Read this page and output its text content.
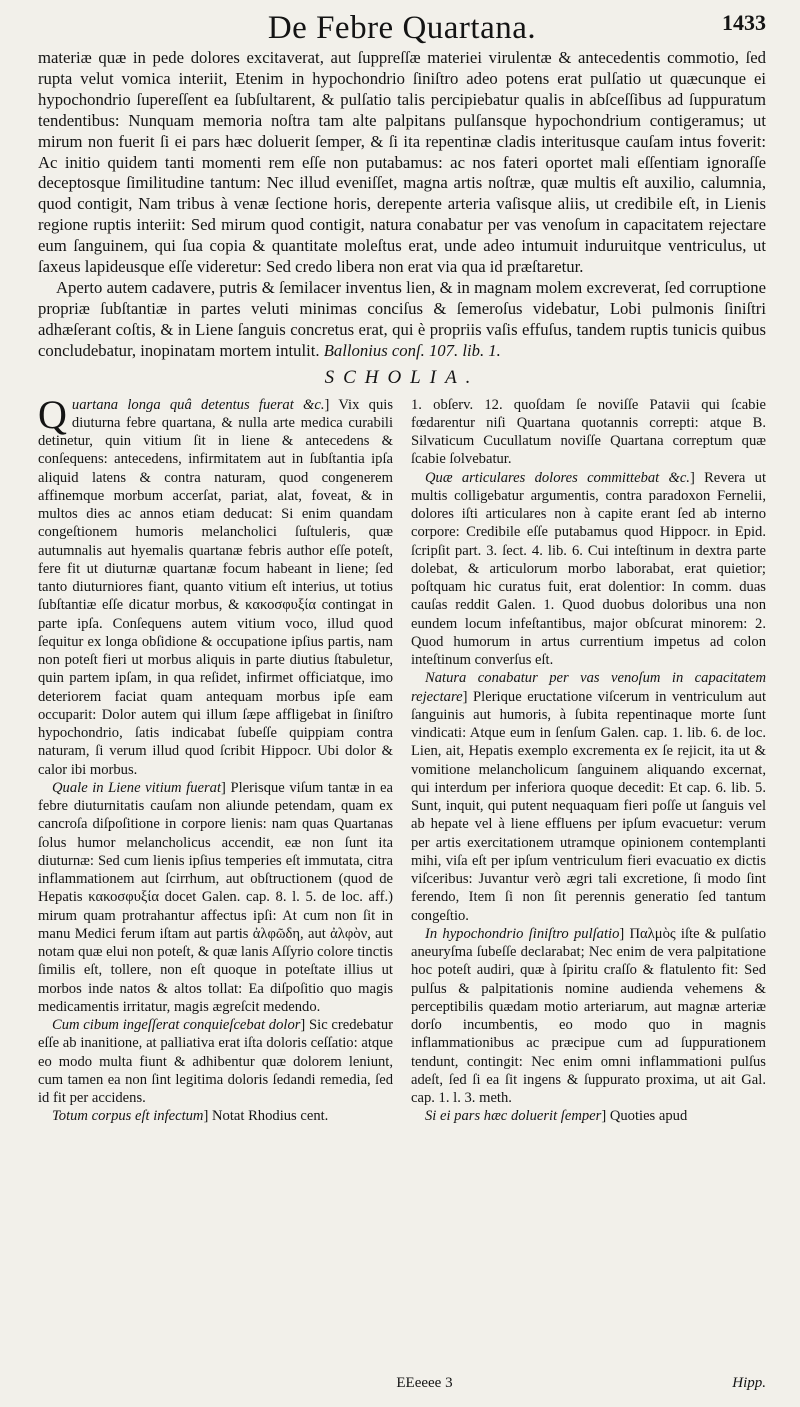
De Febre Quartana.	1433

materiæ quæ in pede dolores excitaverat, aut ſuppreſſæ materiei virulentæ & antecedentis commotio, ſed rupta velut vomica interiit, Etenim in hypochondrio ſiniſtro adeo potens erat pulſatio ut quæcunque ei hypochondrio ſupereſſent ea ſubſultarent, & pulſatio talis percipiebatur qualis in abſceſſibus ad ſuppuratum tendentibus: Nunquam memoria noſtra tam alte palpitans pulſansque hypochondrium contigeramus; ut mirum non fuerit ſi ei pars hæc doluerit ſemper, & ſi ita repentinæ cladis interitusque cauſam intus foverit: Ac initio quidem tanti momenti rem eſſe non putabamus: ac nos fateri oportet mali eſſentiam ignoraſſe deceptosque ſimilitudine tantum: Nec illud eveniſſet, magna artis noſtræ, quæ multis eſt auxilio, calumnia, quod contigit, Nam tribus à venæ ſectione horis, derepente arteria vaſisque aliis, ut credibile eſt, in Lienis regione ruptis interiit: Sed mirum quod contigit, natura conabatur per vas venoſum in capacitatem rejectare eum ſanguinem, qui ſua copia & quantitate moleſtus erat, unde adeo intumuit induruitque ventriculus, ut ſaxeus lapideusque eſſe videretur: Sed credo libera non erat via qua id præſtaretur.

Aperto autem cadavere, putris & ſemilacer inventus lien, & in magnam molem excreverat, ſed corruptione propriæ ſubſtantiæ in partes veluti minimas conciſus & ſemeroſus videbatur, Lobi pulmonis ſiniſtri adhæſerant coſtis, & in Liene ſanguis concretus erat, qui è propriis vaſis effuſus, tandem ruptis tunicis quibus concludebatur, inopinatam mortem intulit. Ballonius conſ. 107. lib. 1.

SCHOLIA.

Quartana longa quâ detentus fuerat &c.] Vix quis diuturna febre quartana, & nulla arte medica curabili detinetur, quin vitium ſit in liene & antecedens & conſequens: antecedens, infirmitatem aut in ſubſtantia ipſa aliquid latens & contra naturam, quod congenerem affinemque morbum accerſat, pariat, alat, foveat, & in multos dies ac annos etiam deducat: Si enim quandam congeſtionem humoris melancholici ſuſtuleris, quæ autumnalis aut hyemalis quartanæ febris author eſſe poteſt, fere fit ut diuturnæ quartanæ focum habeant in liene; ſed tanto diuturniores fiant, quanto vitium eſt interius, ut totius ſubſtantiæ eſſe dicatur morbus, & κακοσφυξία contingat in parte ipſa. Conſequens autem vitium voco, illud quod ſequitur ex longa obſidione & occupatione ipſius partis, nam non poteſt fieri ut morbus aliquis in parte diutius ſtabuletur, quin partem ipſam, in qua reſidet, infirmet officiatque, imo deteriorem faciat quam antequam morbus ipſe eam occuparit: Dolor autem qui illum ſæpe affligebat in ſiniſtro hypochondrio, ſatis indicabat ſubeſſe quippiam contra naturam, ſi verum illud quod ſcribit Hippocr. Ubi dolor & calor ibi morbus.

Quale in Liene vitium fuerat] Plerisque viſum tantæ in ea febre diuturnitatis cauſam non aliunde petendam, quam ex cancroſa diſpoſitione in corpore lienis: nam quas Quartanas ſolus humor melancholicus accendit, eæ non ſunt ita diuturnæ: Sed cum lienis ipſius temperies eſt immutata, citra inflammationem aut ſcirrhum, aut obſtructionem (quod de Hepatis κακοσφυξία docet Galen. cap. 8. l. 5. de loc. aff.) mirum quam protrahantur affectus ipſi: At cum non ſit in manu Medici ferum iſtam aut partis ἀλφῶδη, aut ἀλφὸν, aut notam quæ elui non poteſt, & quæ lanis Aſſyrio colore tinctis ſimilis eſt, tollere, non eſt quoque in poteſtate illius ut morbos inde natos & altos tollat: Ea diſpoſitio quo magis medicamentis irritatur, magis ægreſcit medendo.

Cum cibum ingeſſerat conquieſcebat dolor] Sic credebatur eſſe ab inanitione, at palliativa erat iſta doloris ceſſatio: atque eo modo multa fiunt & adhibentur quæ dolorem leniunt, cum tamen ea non ſint legitima doloris ſedandi remedia, ſed id fit per accidens.

Totum corpus eſt infectum] Notat Rhodius cent.

1. obſerv. 12. quoſdam ſe noviſſe Patavii qui ſcabie fœdarentur niſi Quartana quotannis correpti: atque B. Silvaticum Cucullatum noviſſe Quartana correptum quæ ſcabie ſolvebatur.

Quæ articulares dolores committebat &c.] Revera ut multis colligebatur argumentis, contra paradoxon Fernelii, dolores iſti articulares non à capite erant ſed ab interno corpore: Credibile eſſe putabamus quod Hippocr. in Epid. ſcripſit part. 3. ſect. 4. lib. 6. Cui inteſtinum in dextra parte dolebat, & articulorum morbo laborabat, erat quietior; poſtquam hic curatus fuit, erat dolentior: In comm. duas cauſas reddit Galen. 1. Quod duobus doloribus una non eundem locum infeſtantibus, major obſcurat minorem: 2. Quod humorum in artus currentium impetus ad colon inteſtinum converſus eſt.

Natura conabatur per vas venoſum in capacitatem rejectare] Plerique eructatione viſcerum in ventriculum aut ſanguinis aut humoris, à ſubita repentinaque morte ſunt vindicati: Atque eum in ſenſum Galen. cap. 1. lib. 6. de loc. Lien, ait, Hepatis exemplo excrementa ex ſe rejicit, ita ut & vomitione melancholicum ſanguinem aliquando excernat, qui interdum per inferiora quoque decedit: Et cap. 6. lib. 5. Sunt, inquit, qui putent nequaquam fieri poſſe ut ſanguis vel ab hepate vel à liene effluens per ipſum evacuetur: verum per artis exercitationem utramque opinionem contemplanti mihi, viſa eſt per ipſum ventriculum fieri evacuatio ex dictis viſceribus: Juvantur verò ægri tali excretione, ſi modo ſint ferendo, Item ſi non ſit perennis generatio ſed tantum congeſtio.

In hypochondrio ſiniſtro pulſatio] Παλμὸς iſte & pulſatio aneuryſma ſubeſſe declarabat; Nec enim de vera palpitatione hoc poteſt audiri, quæ à ſpiritu craſſo & flatulento fit: Sed pulſus & palpitationis nomine audienda vehemens & perceptibilis quædam motio arteriarum, aut magnæ arteriæ dorſo incumbentis, eo modo quo in magnis inflammationibus ac præcipue cum ad ſuppurationem tendunt, contingit: Nec enim omni inflammationi pulſus adeſt, ſed ſi ea ſit ingens & ſuppurato proxima, ut ait Gal. cap. 1. l. 3. meth.

Si ei pars hæc doluerit ſemper] Quoties apud

EEeeee 3	Hipp.
